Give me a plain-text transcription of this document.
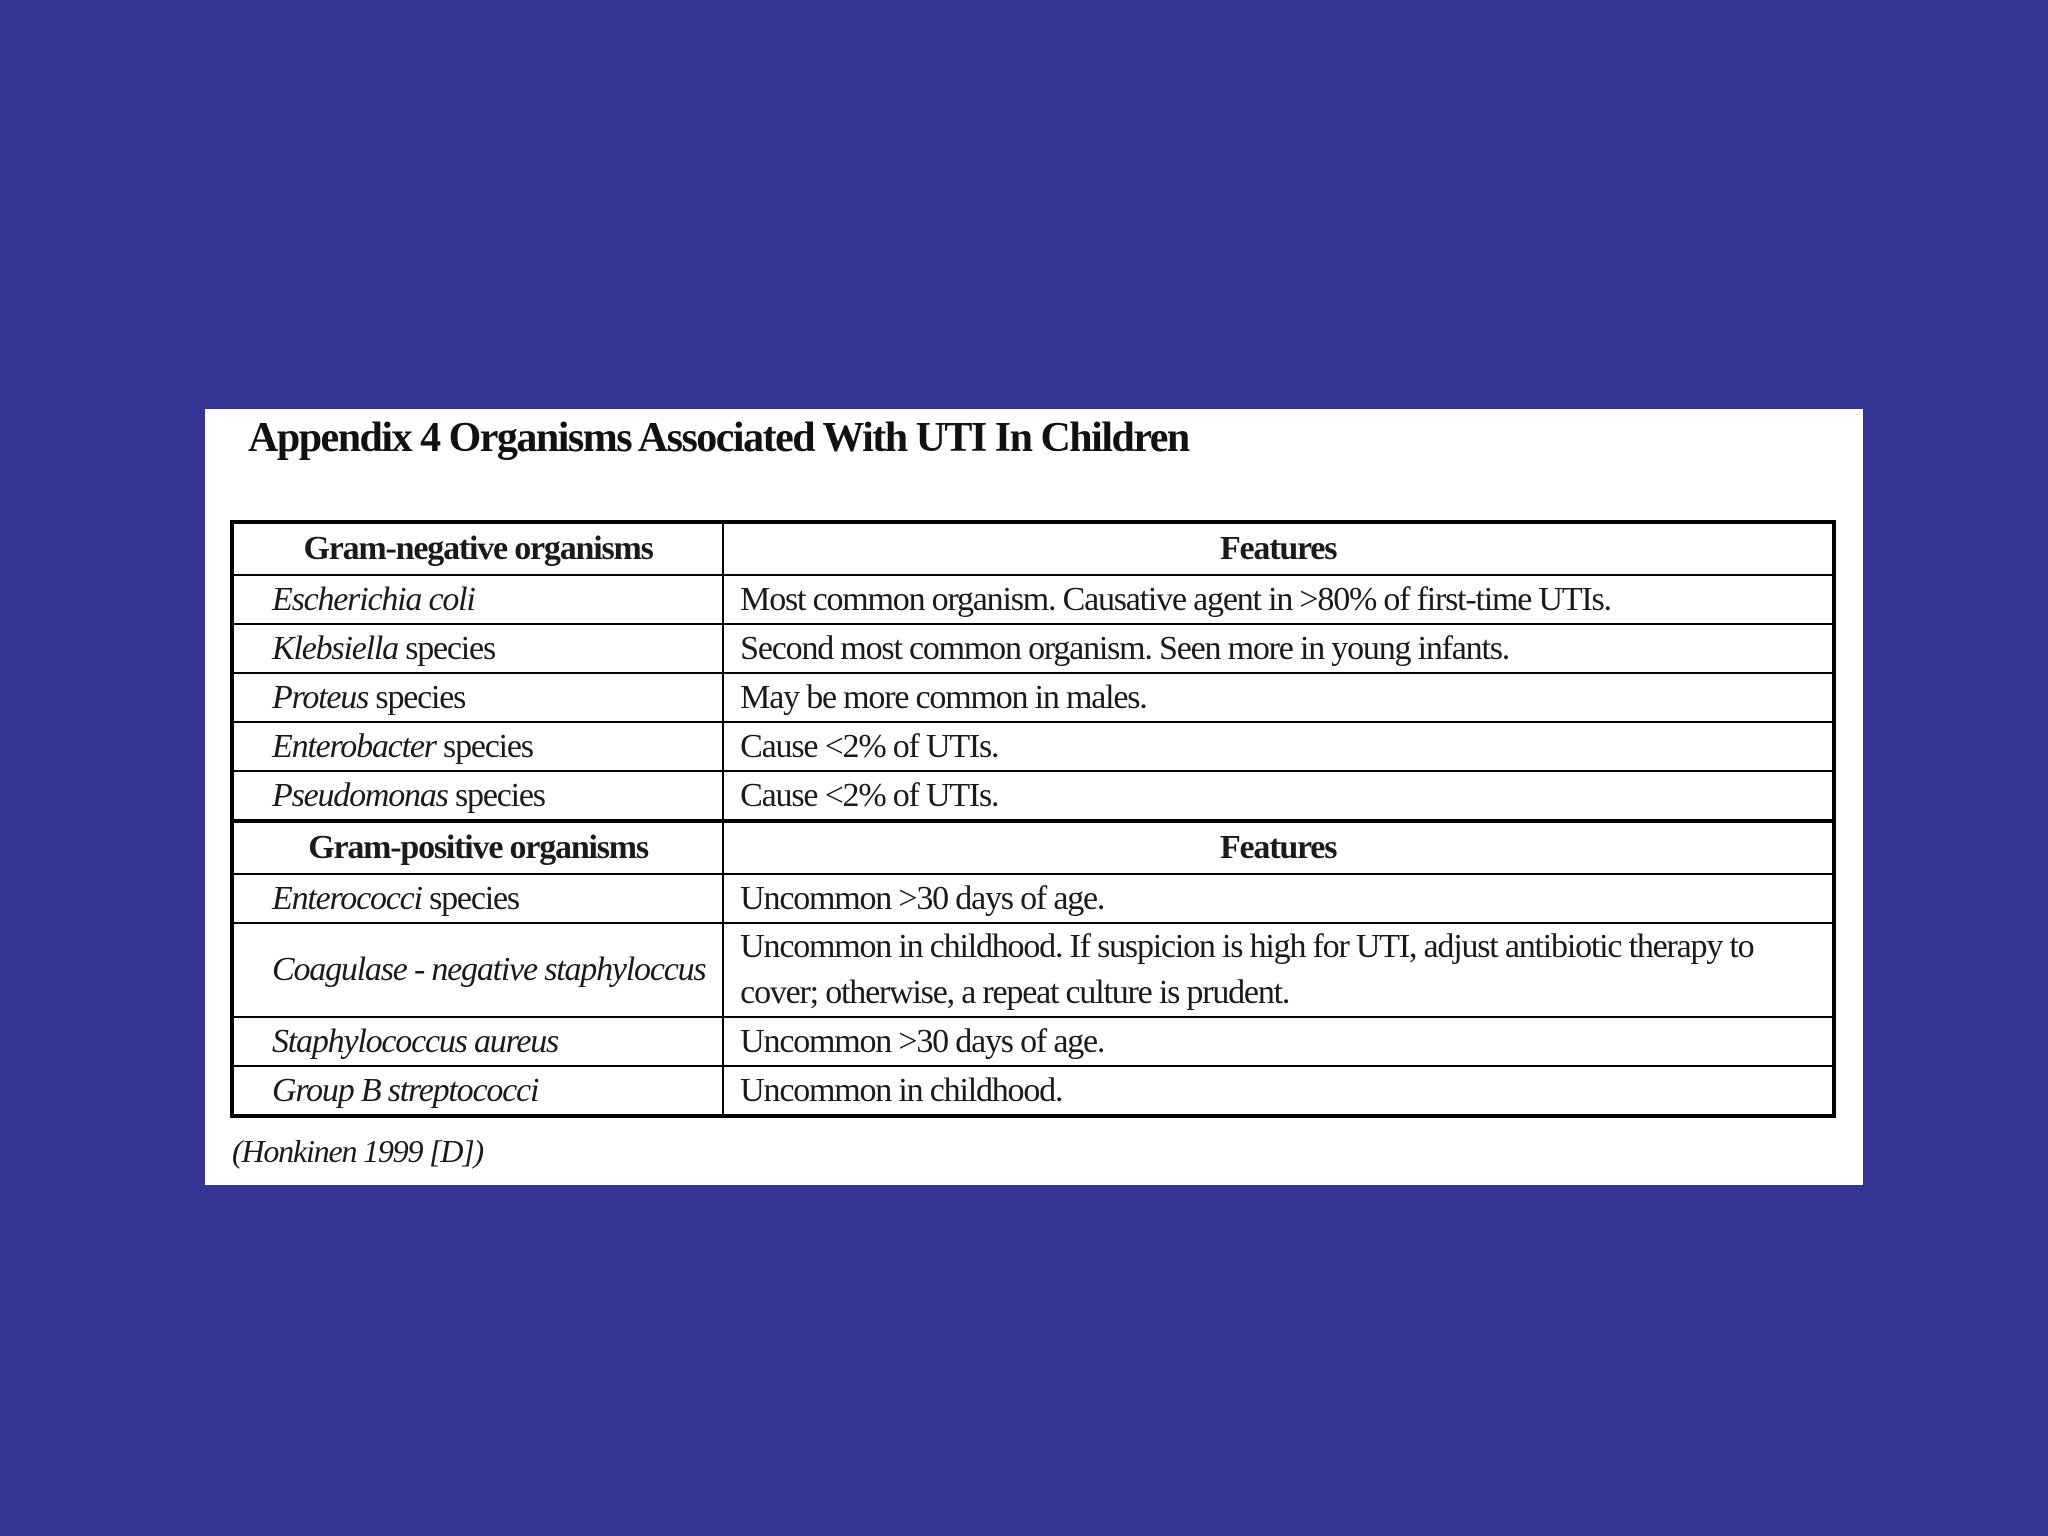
Appendix 4 Organisms Associated With UTI In Children
Gram-negative organisms	Features
Escherichia coli	Most common organism. Causative agent in >80% of first-time UTIs.
Klebsiella species	Second most common organism. Seen more in young infants.
Proteus species	May be more common in males.
Enterobacter species	Cause <2% of UTIs.
Pseudomonas species	Cause <2% of UTIs.
Gram-positive organisms	Features
Enterococci species	Uncommon >30 days of age.
Coagulase - negative staphyloccus	Uncommon in childhood. If suspicion is high for UTI, adjust antibiotic therapy to cover; otherwise, a repeat culture is prudent.
Staphylococcus aureus	Uncommon >30 days of age.
Group B streptococci	Uncommon in childhood.
(Honkinen 1999 [D])
